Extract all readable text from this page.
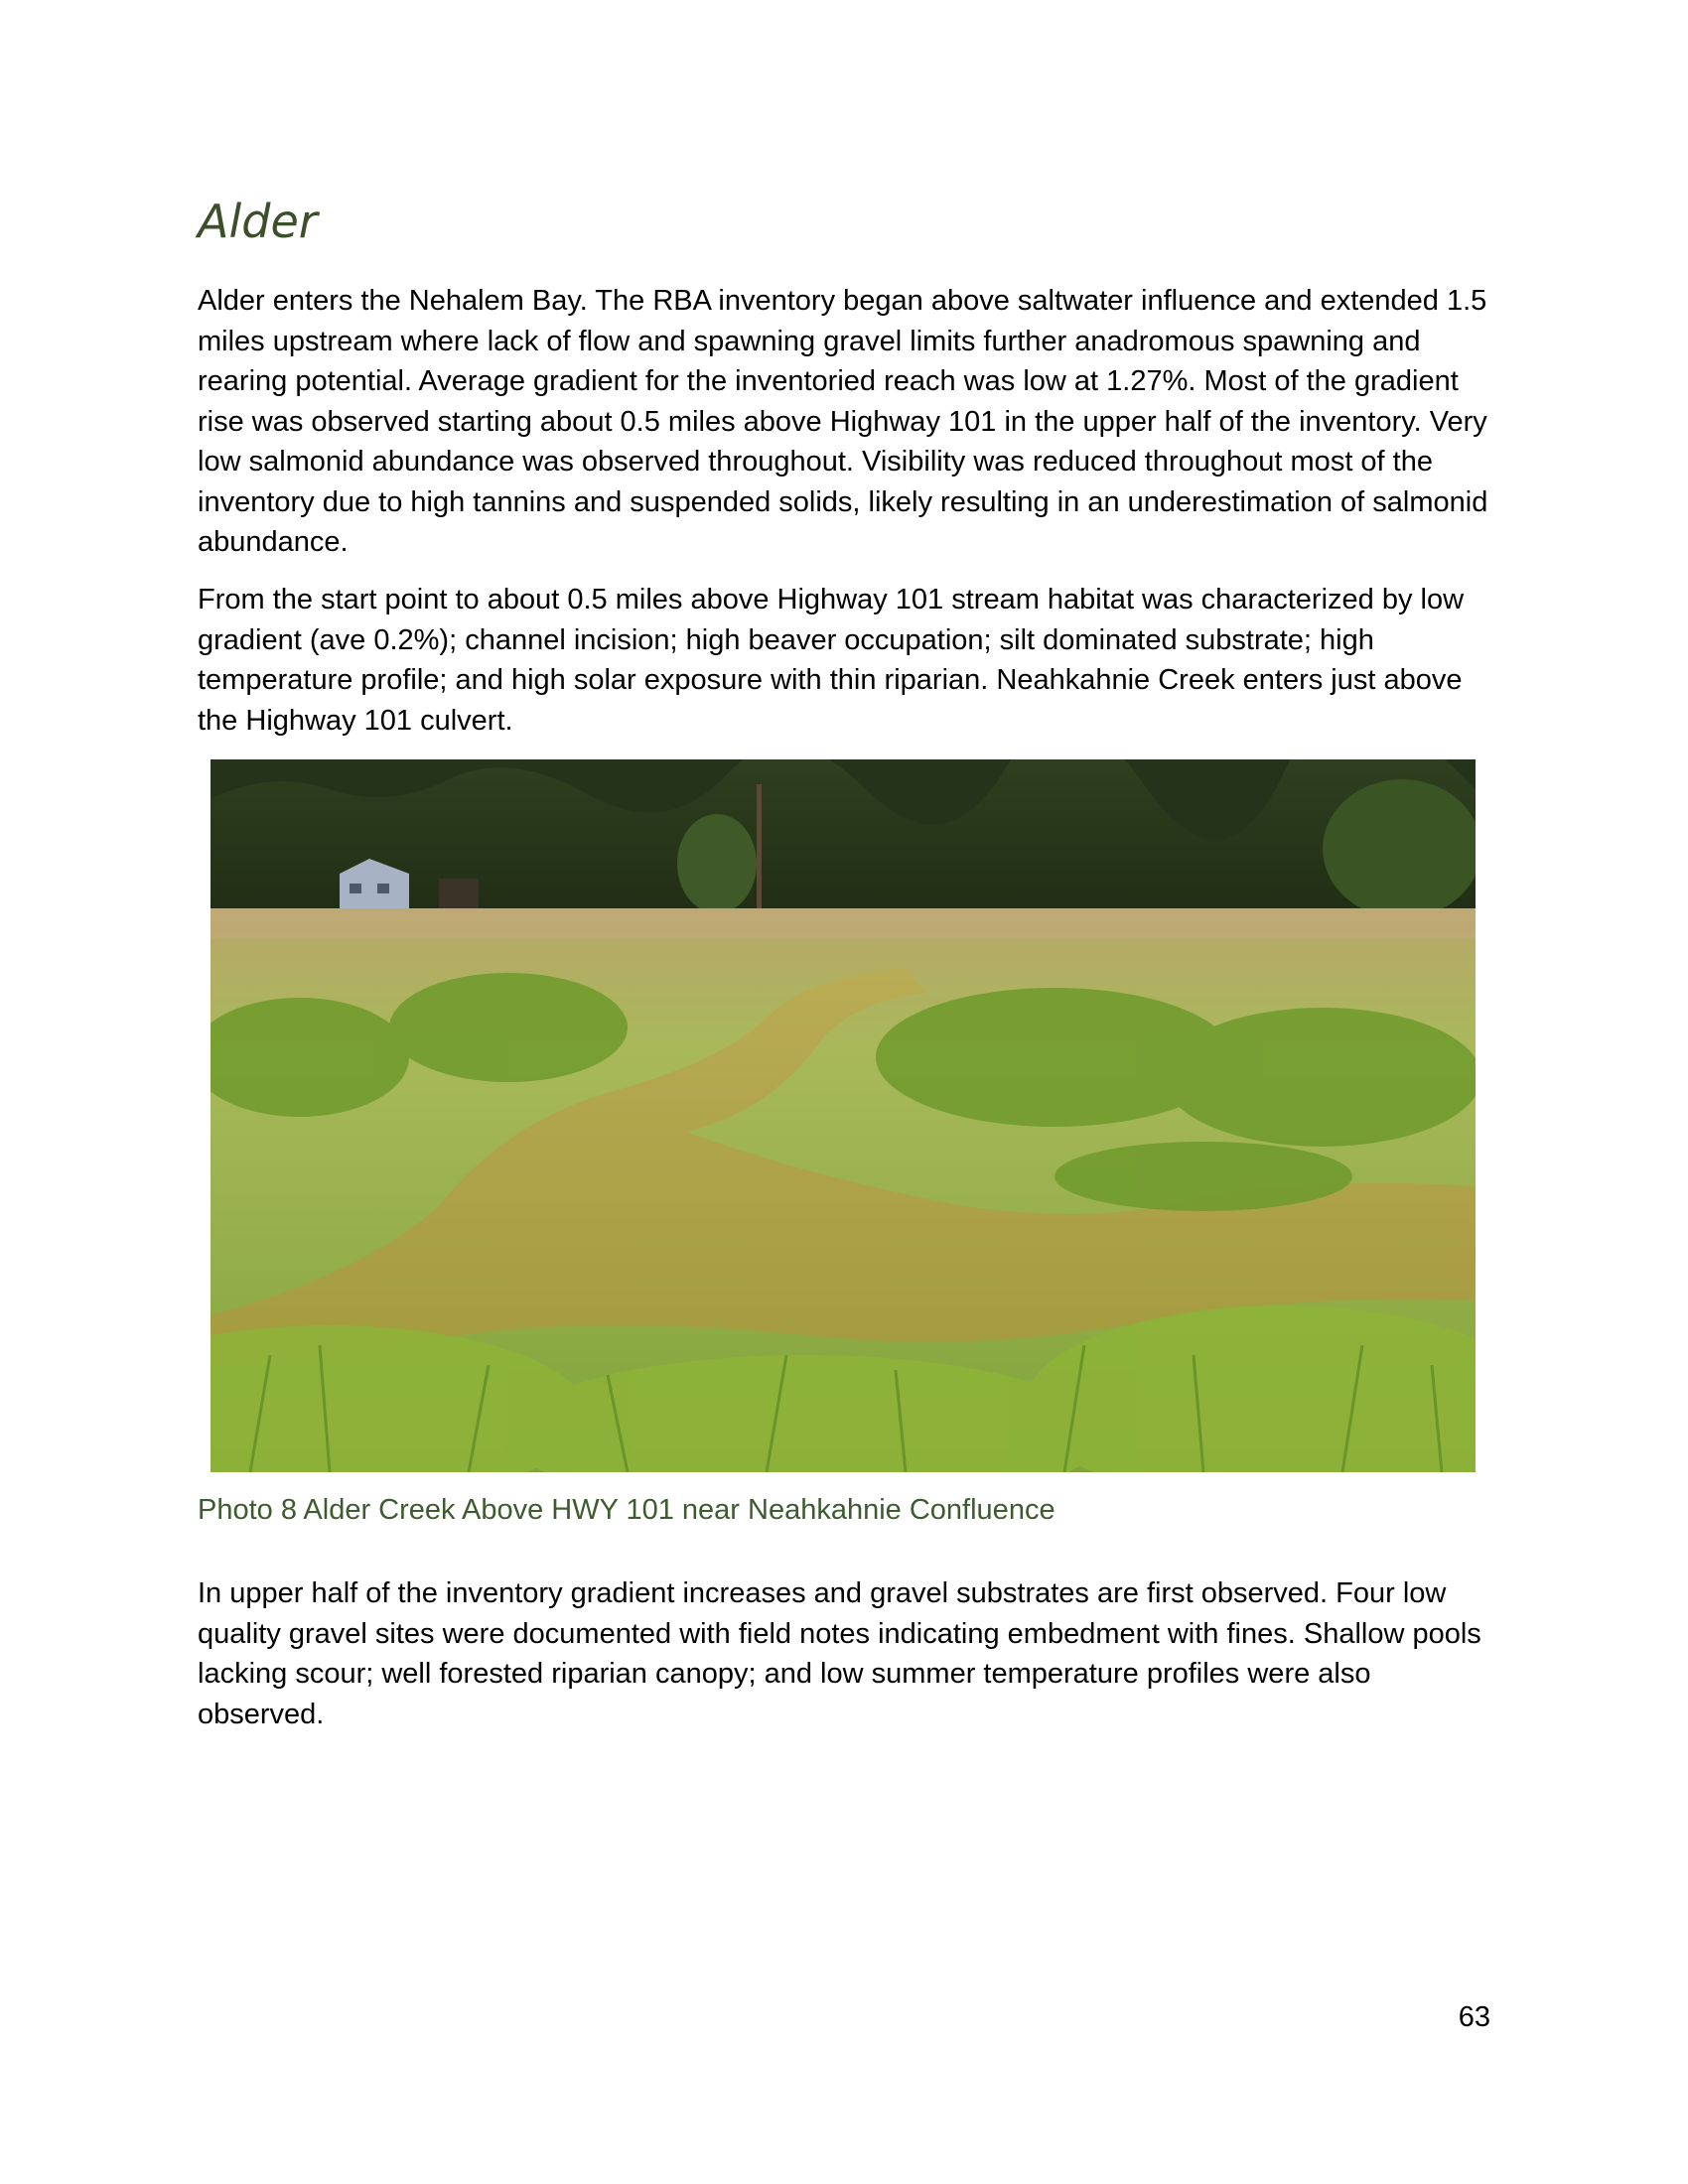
Alder

Alder enters the Nehalem Bay. The RBA inventory began above saltwater influence and extended 1.5 miles upstream where lack of flow and spawning gravel limits further anadromous spawning and rearing potential. Average gradient for the inventoried reach was low at 1.27%. Most of the gradient rise was observed starting about 0.5 miles above Highway 101 in the upper half of the inventory. Very low salmonid abundance was observed throughout. Visibility was reduced throughout most of the inventory due to high tannins and suspended solids, likely resulting in an underestimation of salmonid abundance.

From the start point to about 0.5 miles above Highway 101 stream habitat was characterized by low gradient (ave 0.2%); channel incision; high beaver occupation; silt dominated substrate; high temperature profile; and high solar exposure with thin riparian. Neahkahnie Creek enters just above the Highway 101 culvert.

Photo 8 Alder Creek Above HWY 101 near Neahkahnie Confluence

In upper half of the inventory gradient increases and gravel substrates are first observed. Four low quality gravel sites were documented with field notes indicating embedment with fines. Shallow pools lacking scour; well forested riparian canopy; and low summer temperature profiles were also observed.

63
